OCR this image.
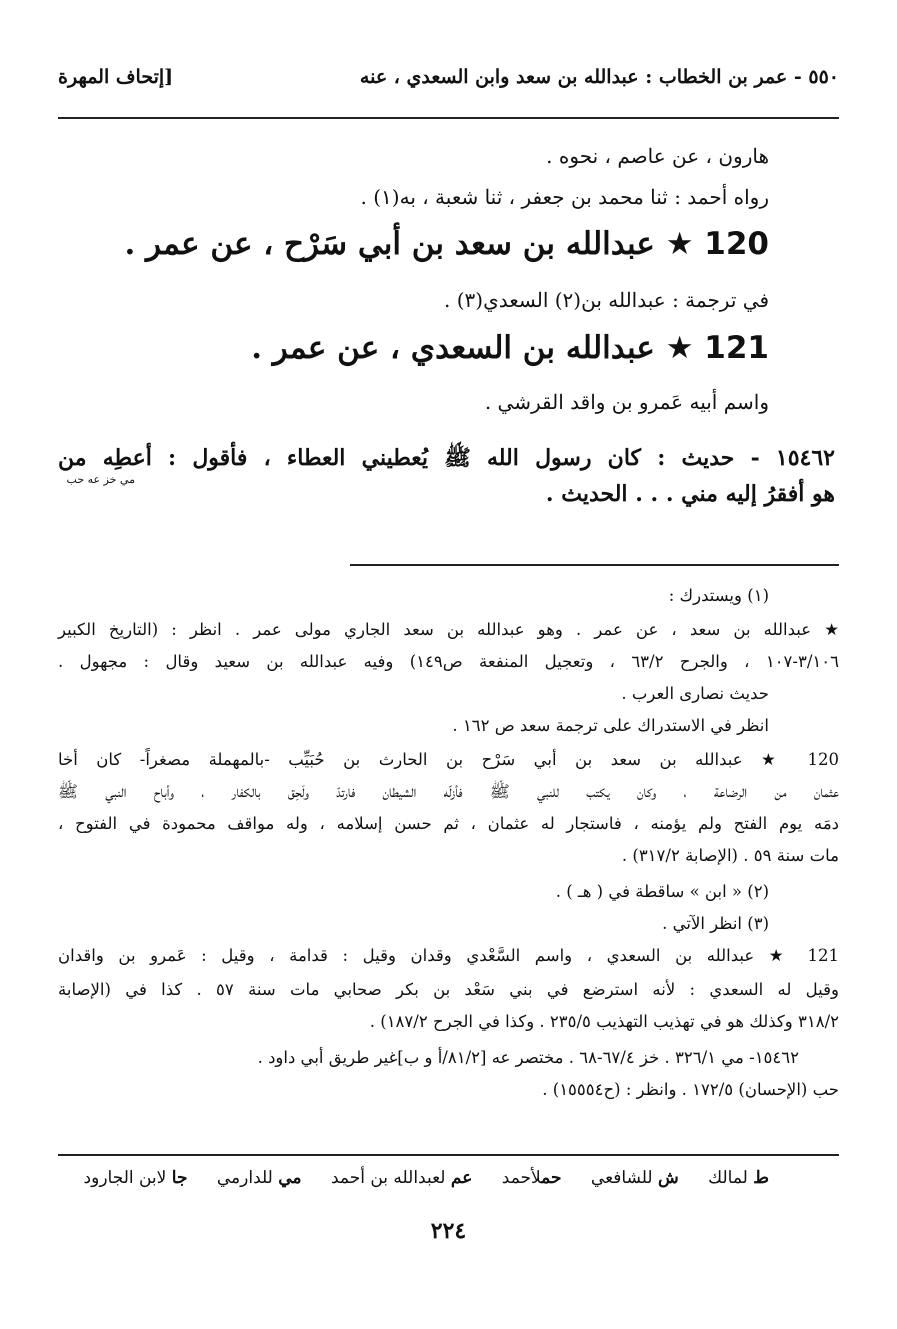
٥٥٠ - عمر بن الخطاب : عبدالله بن سعد وابن السعدي ، عنه
[إتحاف المهرة
هارون ، عن عاصم ، نحوه .
رواه أحمد : ثنا محمد بن جعفر ، ثنا شعبة ، به(١) .
120 ★ عبدالله بن سعد بن أبي سَرْح ، عن عمر .
في ترجمة : عبدالله بن(٢) السعدي(٣) .
121 ★ عبدالله بن السعدي ، عن عمر .
واسم أبيه عَمرو بن واقد القرشي .
١٥٤٦٢ - حديث : كان رسول الله ﷺ يُعطيني العطاء ، فأقول : أعطِه من
مي خز عه حب
هو أفقرُ إليه مني . . . الحديث .
(١) ويستدرك :
★ عبدالله بن سعد ، عن عمر . وهو عبدالله بن سعد الجاري مولى عمر . انظر : (التاريخ الكبير
٣/١٠٦-١٠٧ ، والجرح ٦٣/٢ ، وتعجيل المنفعة ص١٤٩) وفيه عبدالله بن سعيد وقال : مجهول .
حديث نصارى العرب .
انظر في الاستدراك على ترجمة سعد ص ١٦٢ .
120 ★ عبدالله بن سعد بن أبي سَرْح بن الحارث بن حُبَيِّب -بالمهملة مصغراً- كان أخا
عثمان من الرضاعة ، وكان يكتب للنبي ﷺ فأزلّه الشيطان فارتدّ ولَحِق بالكفار ، وأباح النبي ﷺ
دمَه يوم الفتح ولم يؤمنه ، فاستجار له عثمان ، ثم حسن إسلامه ، وله مواقف محمودة في الفتوح ،
مات سنة ٥٩ . (الإصابة ٣١٧/٢) .
(٢) « ابن » ساقطة في ( هـ ) .
(٣) انظر الآتي .
121 ★ عبدالله بن السعدي ، واسم السَّعْدي وقدان وقيل : قدامة ، وقيل : عَمرو بن واقدان
وقيل له السعدي : لأنه استرضع في بني سَعْد بن بكر صحابي مات سنة ٥٧ . كذا في (الإصابة
٣١٨/٢ وكذلك هو في تهذيب التهذيب ٢٣٥/٥ . وكذا في الجرح ١٨٧/٢) .
١٥٤٦٢- مي ٣٢٦/١ . خز ٦٧/٤-٦٨ . مختصر عه [٨١/٢/أ و ب]غير طريق أبي داود .
حب (الإحسان) ١٧٢/٥ . وانظر : (ح١٥٥٥٤) .
ط لمالك ش للشافعي حملأحمد عم لعبدالله بن أحمد مي للدارمي جا لابن الجارود
٢٢٤
